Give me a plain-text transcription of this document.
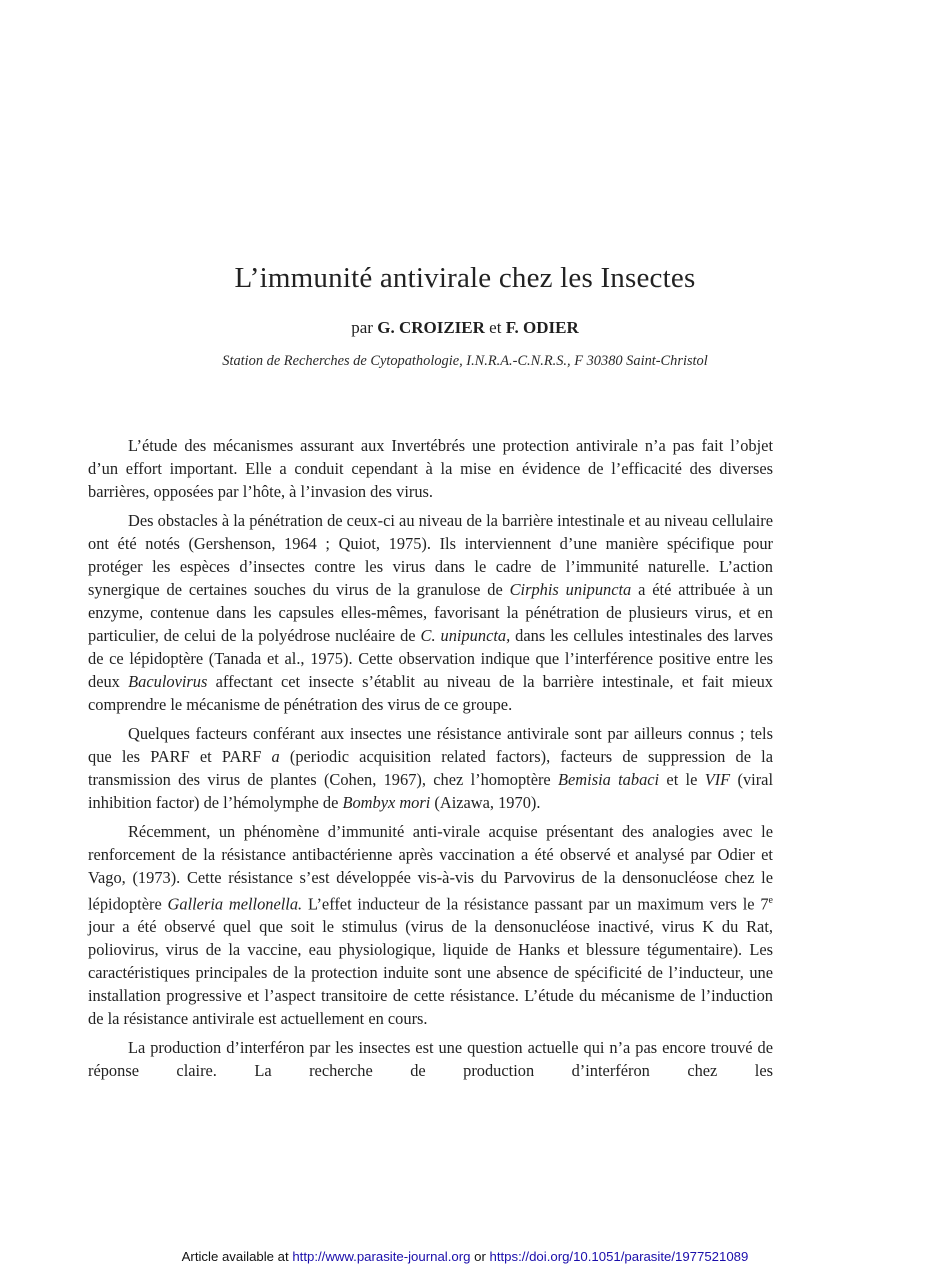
L’immunité antivirale chez les Insectes
par G. CROIZIER et F. ODIER
Station de Recherches de Cytopathologie, I.N.R.A.-C.N.R.S., F 30380 Saint-Christol

L’étude des mécanismes assurant aux Invertébrés une protection antivirale n’a pas fait l’objet d’un effort important. Elle a conduit cependant à la mise en évidence de l’efficacité des diverses barrières, opposées par l’hôte, à l’invasion des virus.

Des obstacles à la pénétration de ceux-ci au niveau de la barrière intestinale et au niveau cellulaire ont été notés (Gershenson, 1964 ; Quiot, 1975). Ils interviennent d’une manière spécifique pour protéger les espèces d’insectes contre les virus dans le cadre de l’immunité naturelle. L’action synergique de certaines souches du virus de la granulose de Cirphis unipuncta a été attribuée à un enzyme, contenue dans les capsules elles-mêmes, favorisant la pénétration de plusieurs virus, et en particulier, de celui de la polyédrose nucléaire de C. unipuncta, dans les cellules intestinales des larves de ce lépidoptère (Tanada et al., 1975). Cette observation indique que l’interférence positive entre les deux Baculovirus affectant cet insecte s’établit au niveau de la barrière intestinale, et fait mieux comprendre le mécanisme de pénétration des virus de ce groupe.

Quelques facteurs conférant aux insectes une résistance antivirale sont par ailleurs connus ; tels que les PARF et PARF a (periodic acquisition related factors), facteurs de suppression de la transmission des virus de plantes (Cohen, 1967), chez l’homoptère Bemisia tabaci et le VIF (viral inhibition factor) de l’hémolymphe de Bombyx mori (Aizawa, 1970).

Récemment, un phénomène d’immunité anti-virale acquise présentant des analogies avec le renforcement de la résistance antibactérienne après vaccination a été observé et analysé par Odier et Vago, (1973). Cette résistance s’est développée vis-à-vis du Parvovirus de la densonucléose chez le lépidoptère Galleria mellonella. L’effet inducteur de la résistance passant par un maximum vers le 7e jour a été observé quel que soit le stimulus (virus de la densonucléose inactivé, virus K du Rat, poliovirus, virus de la vaccine, eau physiologique, liquide de Hanks et blessure tégumentaire). Les caractéristiques principales de la protection induite sont une absence de spécificité de l’inducteur, une installation progressive et l’aspect transitoire de cette résistance. L’étude du mécanisme de l’induction de la résistance antivirale est actuellement en cours.

La production d’interféron par les insectes est une question actuelle qui n’a pas encore trouvé de réponse claire. La recherche de production d’interféron chez les

Article available at http://www.parasite-journal.org or https://doi.org/10.1051/parasite/1977521089
